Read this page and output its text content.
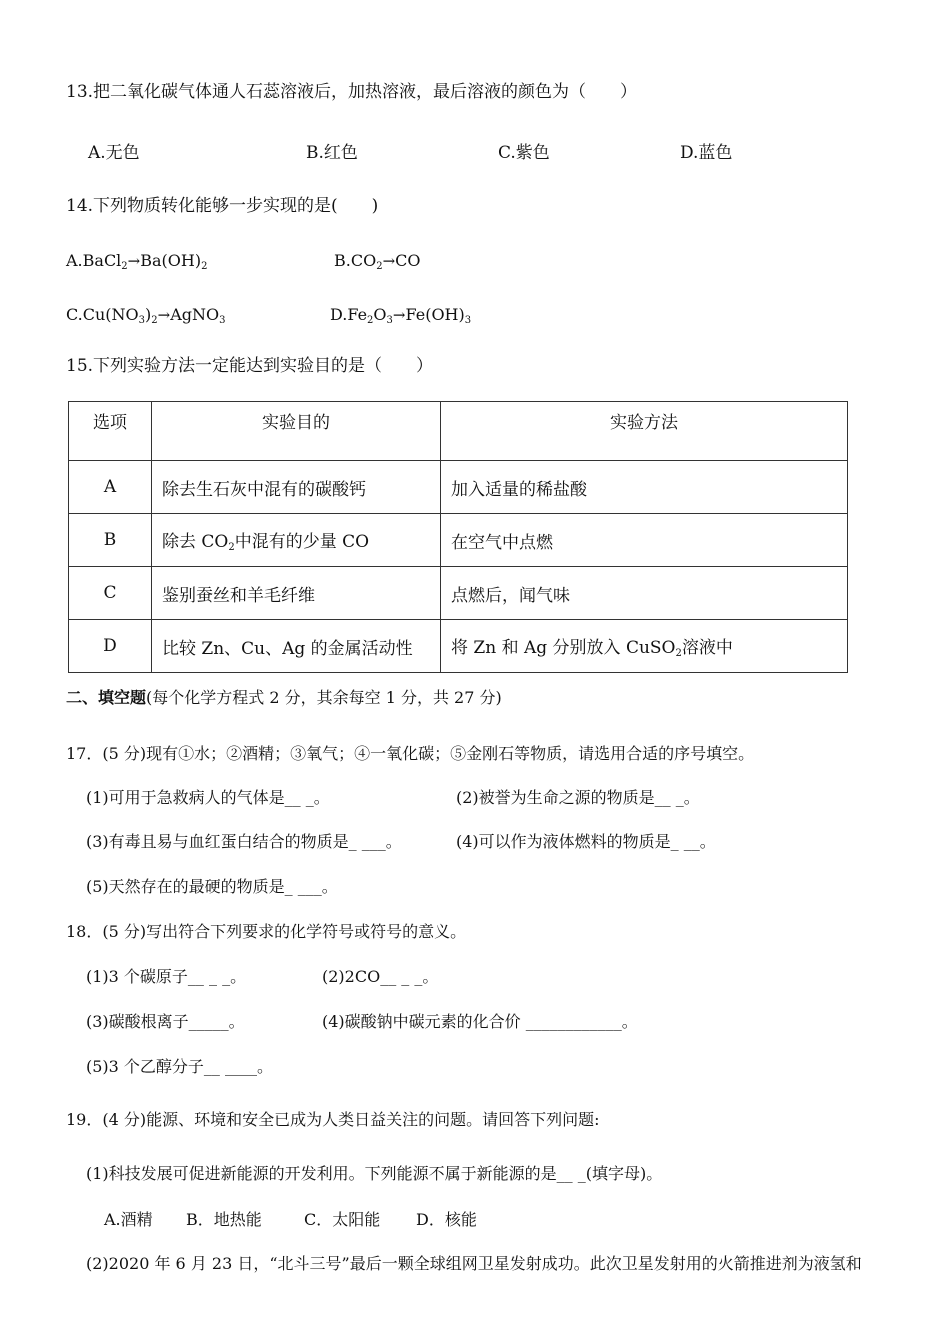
13.把二氧化碳气体通人石蕊溶液后，加热溶液，最后溶液的颜色为（　　）
A.无色	B.红色	C.紫色	D.蓝色
14.下列物质转化能够一步实现的是(　　)
$A.BaCl_2\to Ba(OH)_2$	$B.CO_2\to CO$
$C.Cu(NO_3)_2\to AgNO_3$	$D.Fe_2O_3\to Fe(OH)_3$
15.下列实验方法一定能达到实验目的是（　　）
选项	实验目的	实验方法
A	除去生石灰中混有的碳酸钙	加入适量的稀盐酸
B	除去 $CO_2$中混有的少量 CO	在空气中点燃
C	鉴别蚕丝和羊毛纤维	点燃后，闻气味
D	比较 Zn、Cu、Ag 的金属活动性	将 Zn 和 Ag 分别放入 CuSO$_2$溶液中
二、填空题(每个化学方程式 2 分，其余每空 1 分，共 27 分)
17．(5 分)现有①水；②酒精；③氧气；④一氧化碳；⑤金刚石等物质，请选用合适的序号填空。
(1)可用于急救病人的气体是__ _。	(2)被誉为生命之源的物质是__ _。
(3)有毒且易与血红蛋白结合的物质是_ ___。	(4)可以作为液体燃料的物质是_ __。
(5)天然存在的最硬的物质是_ ___。
18．(5 分)写出符合下列要求的化学符号或符号的意义。
(1)3 个碳原子__ _ _。	(2)2CO__ _ _。
(3)碳酸根离子_____。	(4)碳酸钠中碳元素的化合价 ____________。
(5)3 个乙醇分子__ ____。
19．(4 分)能源、环境和安全已成为人类日益关注的问题。请回答下列问题:
(1)科技发展可促进新能源的开发利用。下列能源不属于新能源的是__ _(填字母)。
A.酒精 B．地热能	C．太阳能 D．核能
(2)2020 年 6 月 23 日，“北斗三号”最后一颗全球组网卫星发射成功。此次卫星发射用的火箭推进剂为液氢和
